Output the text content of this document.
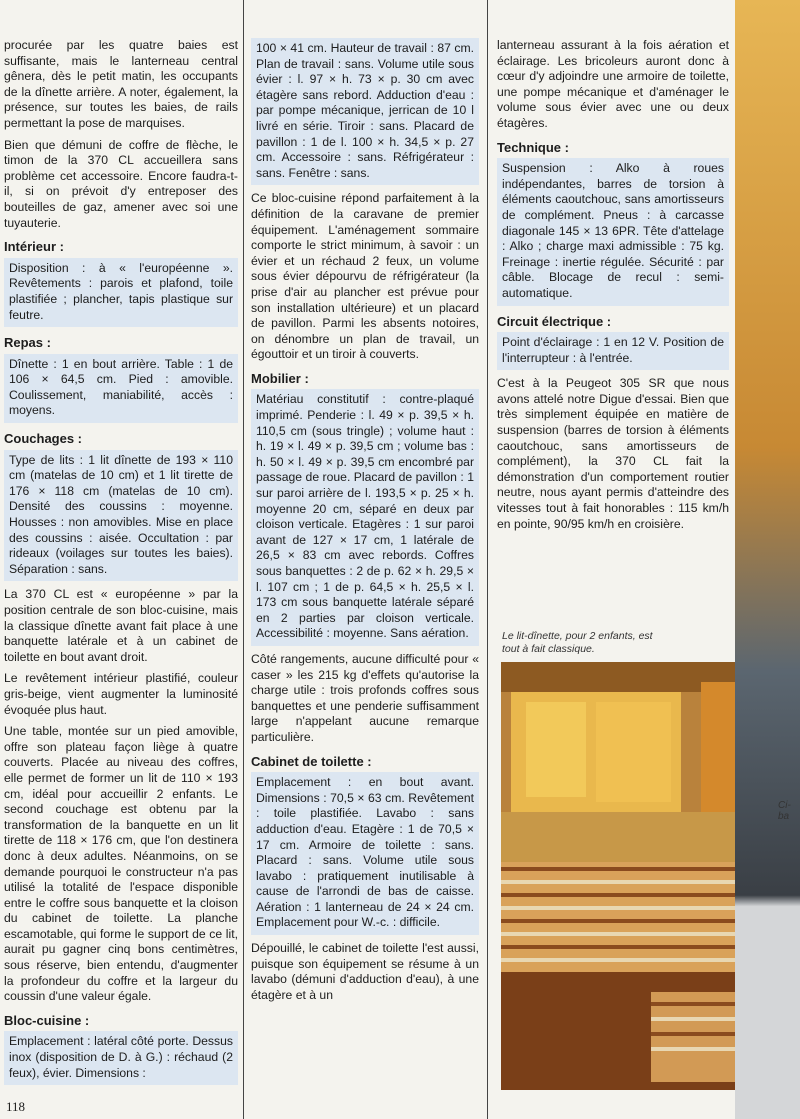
procurée par les quatre baies est suffisante, mais le lanterneau central gênera, dès le petit matin, les occupants de la dînette arrière. A noter, également, la présence, sur toutes les baies, de rails permettant la pose de marquises.

Bien que démuni de coffre de flèche, le timon de la 370 CL accueillera sans problème cet accessoire. Encore faudra-t-il, si on prévoit d'y entreposer des bouteilles de gaz, amener avec soi une tuyauterie.

Intérieur :
Disposition : à « l'européenne ». Revêtements : parois et plafond, toile plastifiée ; plancher, tapis plastique sur feutre.
Repas :
Dînette : 1 en bout arrière. Table : 1 de 106 × 64,5 cm. Pied : amovible. Coulissement, maniabilité, accès : moyens.
Couchages :
Type de lits : 1 lit dînette de 193 × 110 cm (matelas de 10 cm) et 1 lit tirette de 176 × 118 cm (matelas de 10 cm). Densité des coussins : moyenne. Housses : non amovibles. Mise en place des coussins : aisée. Occultation : par rideaux (voilages sur toutes les baies). Séparation : sans.

La 370 CL est « européenne » par la position centrale de son bloc-cuisine, mais la classique dînette avant fait place à une banquette latérale et à un cabinet de toilette en bout avant droit.

Le revêtement intérieur plastifié, couleur gris-beige, vient augmenter la luminosité évoquée plus haut.

Une table, montée sur un pied amovible, offre son plateau façon liège à quatre couverts. Placée au niveau des coffres, elle permet de former un lit de 110 × 193 cm, idéal pour accueillir 2 enfants. Le second couchage est obtenu par la transformation de la banquette en un lit tirette de 118 × 176 cm, que l'on destinera donc à deux adultes. Néanmoins, on se demande pourquoi le constructeur n'a pas utilisé la totalité de l'espace disponible entre le coffre sous banquette et la cloison du cabinet de toilette. La planche escamotable, qui forme le support de ce lit, aurait pu gagner cinq bons centimètres, sous réserve, bien entendu, d'augmenter la profondeur du coffre et la largeur du coussin d'une valeur égale.

Bloc-cuisine :
Emplacement : latéral côté porte. Dessus inox (disposition de D. à G.) : réchaud (2 feux), évier. Dimensions :
100 × 41 cm. Hauteur de travail : 87 cm. Plan de travail : sans. Volume utile sous évier : l. 97 × h. 73 × p. 30 cm avec étagère sans rebord. Adduction d'eau : par pompe mécanique, jerrican de 10 l livré en série. Tiroir : sans. Placard de pavillon : 1 de l. 100 × h. 34,5 × p. 27 cm. Accessoire : sans. Réfrigérateur : sans. Fenêtre : sans.

Ce bloc-cuisine répond parfaitement à la définition de la caravane de premier équipement. L'aménagement sommaire comporte le strict minimum, à savoir : un évier et un réchaud 2 feux, un volume sous évier dépourvu de réfrigérateur (la prise d'air au plancher est prévue pour son installation ultérieure) et un placard de pavillon. Parmi les absents notoires, on dénombre un plan de travail, un égouttoir et un tiroir à couverts.

Mobilier :
Matériau constitutif : contre-plaqué imprimé. Penderie : l. 49 × p. 39,5 × h. 110,5 cm (sous tringle) ; volume haut : h. 19 × l. 49 × p. 39,5 cm ; volume bas : h. 50 × l. 49 × p. 39,5 cm encombré par passage de roue. Placard de pavillon : 1 sur paroi arrière de l. 193,5 × p. 25 × h. moyenne 20 cm, séparé en deux par cloison verticale. Etagères : 1 sur paroi avant de 127 × 17 cm, 1 latérale de 26,5 × 83 cm avec rebords. Coffres sous banquettes : 2 de p. 62 × h. 29,5 × l. 107 cm ; 1 de p. 64,5 × h. 25,5 × l. 173 cm sous banquette latérale séparé en 2 parties par cloison verticale. Accessibilité : moyenne. Sans aération.

Côté rangements, aucune difficulté pour « caser » les 215 kg d'effets qu'autorise la charge utile : trois profonds coffres sous banquettes et une penderie suffisamment large n'appelant aucune remarque particulière.

Cabinet de toilette :
Emplacement : en bout avant. Dimensions : 70,5 × 63 cm. Revêtement : toile plastifiée. Lavabo : sans adduction d'eau. Etagère : 1 de 70,5 × 17 cm. Armoire de toilette : sans. Placard : sans. Volume utile sous lavabo : pratiquement inutilisable à cause de l'arrondi de bas de caisse. Aération : 1 lanterneau de 24 × 24 cm. Emplacement pour W.-c. : difficile.

Dépouillé, le cabinet de toilette l'est aussi, puisque son équipement se résume à un lavabo (démuni d'adduction d'eau), à une étagère et à un

lanterneau assurant à la fois aération et éclairage. Les bricoleurs auront donc à cœur d'y adjoindre une armoire de toilette, une pompe mécanique et d'aménager le volume sous évier avec une ou deux étagères.

Technique :
Suspension : Alko à roues indépendantes, barres de torsion à éléments caoutchouc, sans amortisseurs de complément. Pneus : à carcasse diagonale 145 × 13 6PR. Tête d'attelage : Alko ; charge maxi admissible : 75 kg. Freinage : inertie régulée. Sécurité : par câble. Blocage de recul : semi-automatique.
Circuit électrique :
Point d'éclairage : 1 en 12 V. Position de l'interrupteur : à l'entrée.

C'est à la Peugeot 305 SR que nous avons attelé notre Digue d'essai. Bien que très simplement équipée en matière de suspension (barres de torsion à éléments caoutchouc, sans amortisseurs de complément), la 370 CL fait la démonstration d'un comportement routier neutre, nous ayant permis d'atteindre des vitesses tout à fait honorables : 115 km/h en pointe, 90/95 km/h en croisière.

Le lit-dînette, pour 2 enfants, est tout à fait classique.
Ci- ba
118
